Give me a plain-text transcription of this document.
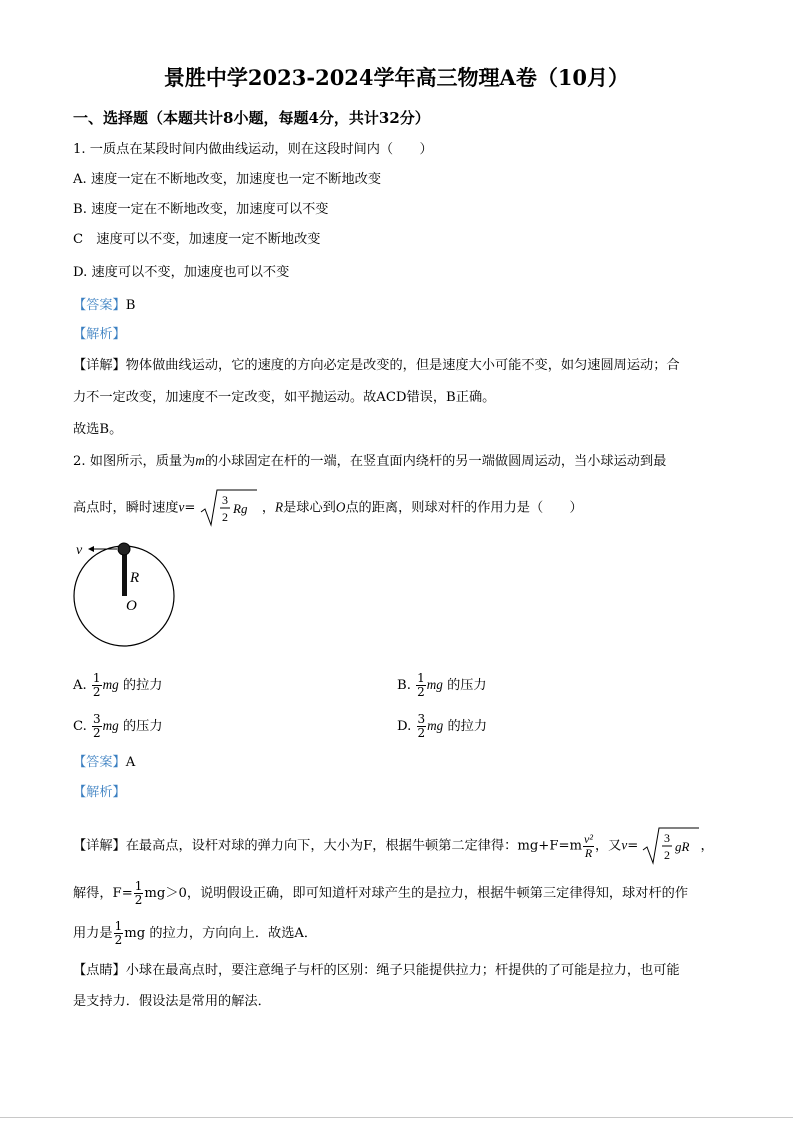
景胜中学2023-2024学年高三物理A卷（10月）
一、选择题（本题共计8小题，每题4分，共计32分）
1. 一质点在某段时间内做曲线运动，则在这段时间内（　　）
A. 速度一定在不断地改变，加速度也一定不断地改变
B. 速度一定在不断地改变，加速度可以不变
C　速度可以不变，加速度一定不断地改变
D. 速度可以不变，加速度也可以不变
【答案】B
【解析】
【详解】物体做曲线运动，它的速度的方向必定是改变的，但是速度大小可能不变，如匀速圆周运动；合
力不一定改变，加速度不一定改变，如平抛运动。故ACD错误，B正确。
故选B。
2. 如图所示，质量为m的小球固定在杆的一端，在竖直面内绕杆的另一端做圆周运动，当小球运动到最
高点时，瞬时速度v=
3
2
Rg ，R是球心到O点的距离，则球对杆的作用力是（　　）
v
R
O
A. $\frac{1}{2}$ mg 的拉力	B. $\frac{1}{2}$ mg 的压力
C. $\frac{3}{2}$ mg 的压力	D. $\frac{3}{2}$ mg 的拉力
【答案】A
【解析】
【详解】在最高点，设杆对球的弹力向下，大小为F，根据牛顿第二定律得：$mg+F=m \frac{\text{v²}}{R}$ ，又v=
3
2
gR ，
解得，$F= \frac{1}{2} mg>0$，说明假设正确，即可知道杆对球产生的是拉力，根据牛顿第三定律得知，球对杆的作
用力是 $\frac{1}{2}$ mg 的拉力，方向向上．故选A．
【点睛】小球在最高点时，要注意绳子与杆的区别：绳子只能提供拉力；杆提供的了可能是拉力，也可能
是支持力．假设法是常用的解法．
